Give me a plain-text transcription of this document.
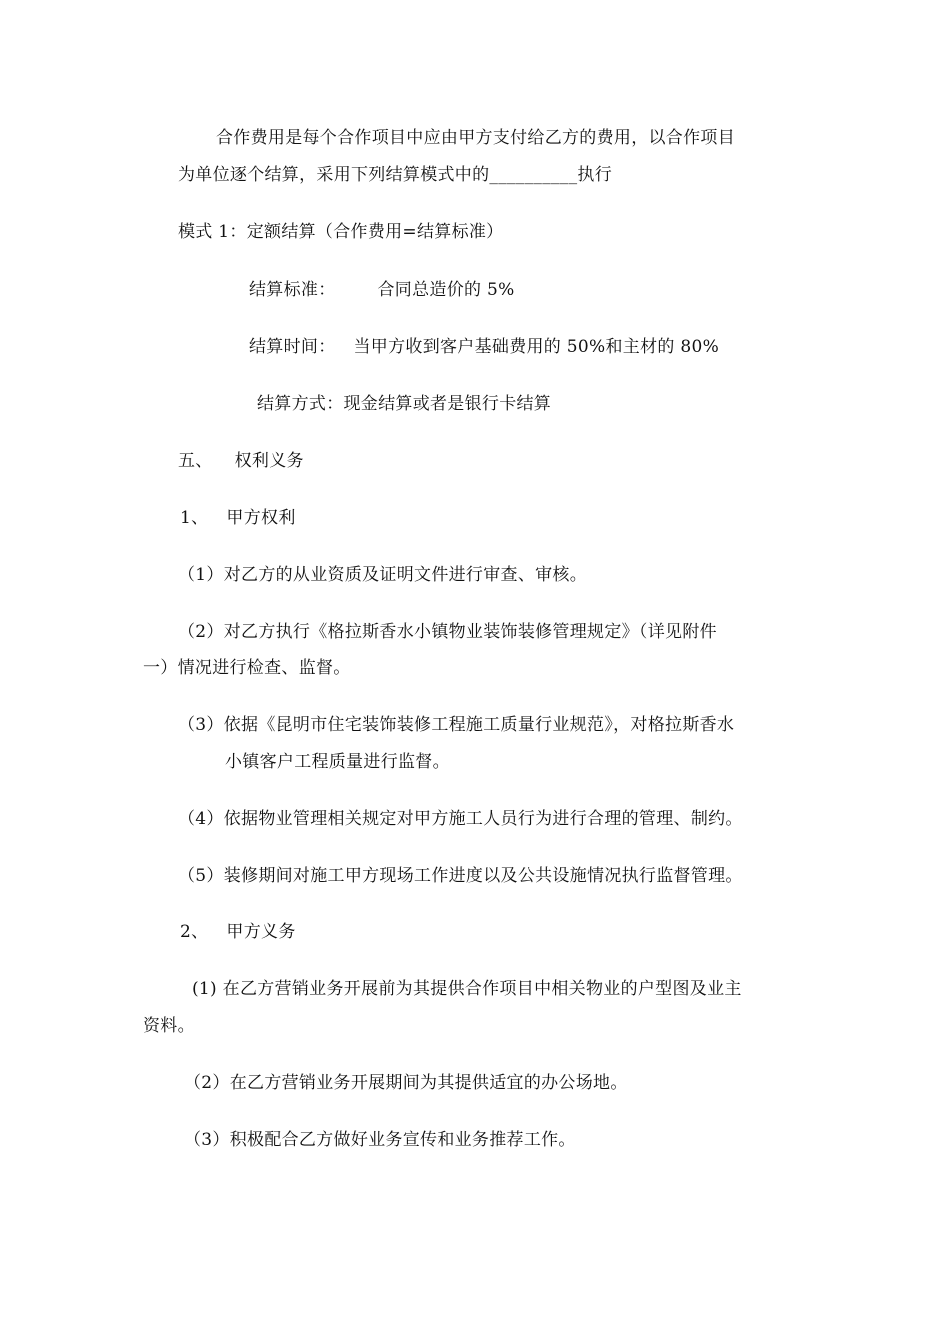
合作费用是每个合作项目中应由甲方支付给乙方的费用，以合作项目
为单位逐个结算，采用下列结算模式中的__________执行
模式 1：定额结算（合作费用=结算标准）
结算标准： 合同总造价的 5%
结算时间： 当甲方收到客户基础费用的 50%和主材的 80%
结算方式：现金结算或者是银行卡结算
五、 权利义务
1、 甲方权利
（1）对乙方的从业资质及证明文件进行审查、审核。
（2）对乙方执行《格拉斯香水小镇物业装饰装修管理规定》（详见附件
一）情况进行检查、监督。
（3）依据《昆明市住宅装饰装修工程施工质量行业规范》，对格拉斯香水
小镇客户工程质量进行监督。
（4）依据物业管理相关规定对甲方施工人员行为进行合理的管理、制约。
（5）装修期间对施工甲方现场工作进度以及公共设施情况执行监督管理。
2、 甲方义务
(1) 在乙方营销业务开展前为其提供合作项目中相关物业的户型图及业主
资料。
（2）在乙方营销业务开展期间为其提供适宜的办公场地。
（3）积极配合乙方做好业务宣传和业务推荐工作。
